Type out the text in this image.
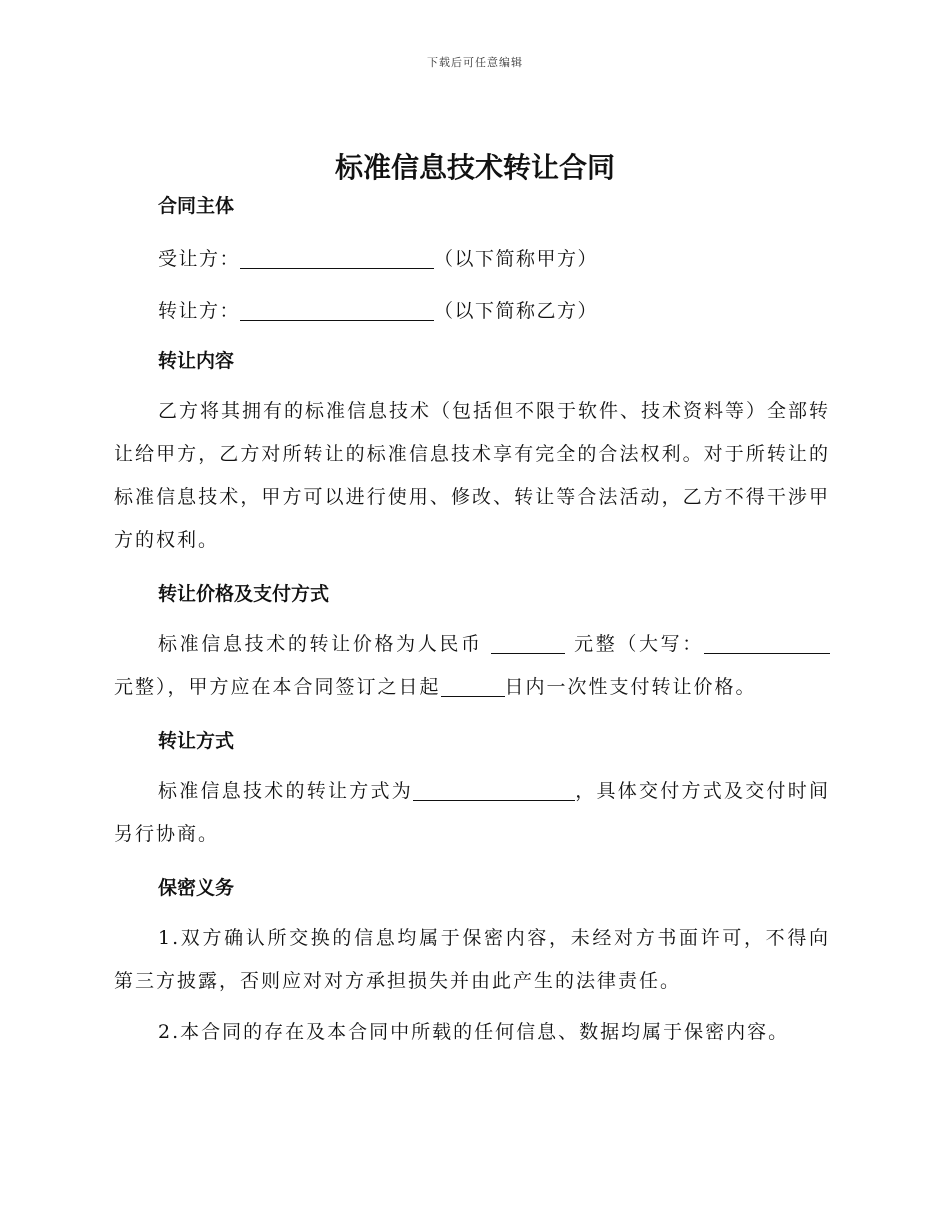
下载后可任意编辑
标准信息技术转让合同
合同主体
受让方：	（以下简称甲方）
转让方：	（以下简称乙方）
转让内容

乙方将其拥有的标准信息技术（包括但不限于软件、技术资料等）全部转让给甲方，乙方对所转让的标准信息技术享有完全的合法权利。对于所转让的标准信息技术，甲方可以进行使用、修改、转让等合法活动，乙方不得干涉甲方的权利。

转让价格及支付方式

标准信息技术的转让价格为人民币	元整（大写：元整），甲方应在本合同签订之日起	日内一次性支付转让价格。

转让方式

标准信息技术的转让方式为	，具体交付方式及交付时间另行协商。

保密义务

1.双方确认所交换的信息均属于保密内容，未经对方书面许可，不得向第三方披露，否则应对对方承担损失并由此产生的法律责任。

2.本合同的存在及本合同中所载的任何信息、数据均属于保密内容。
